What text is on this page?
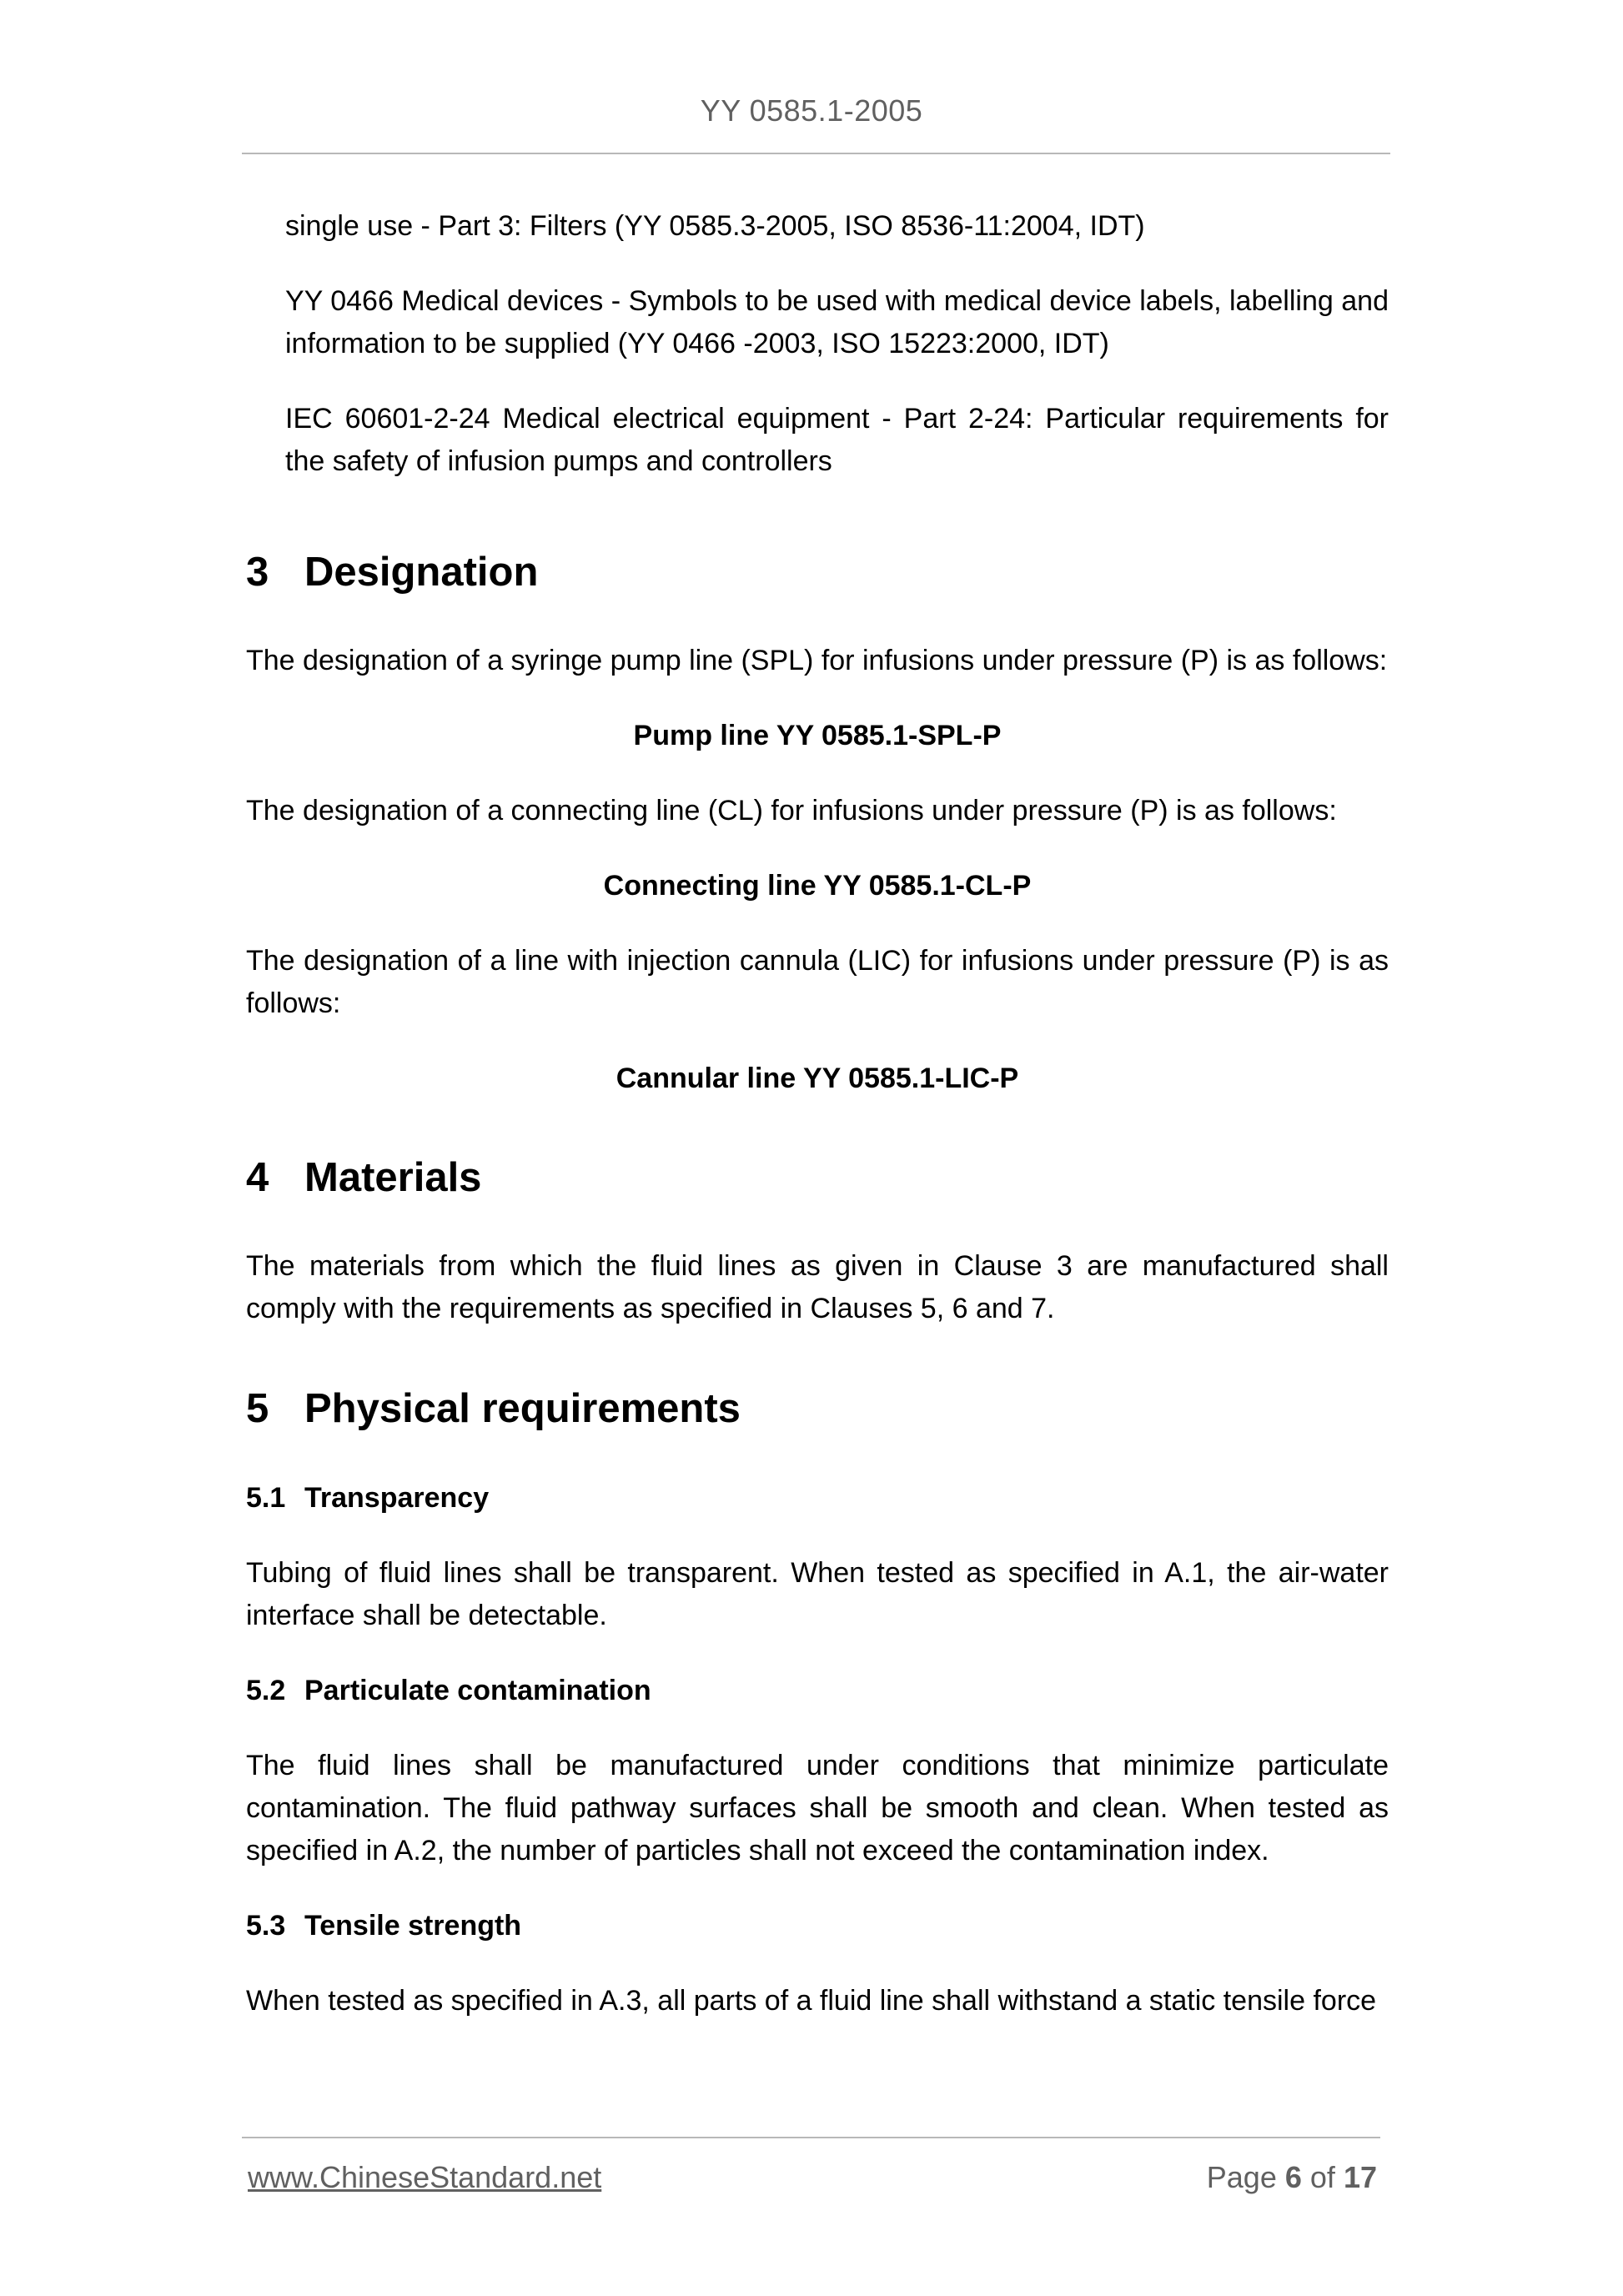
YY 0585.1-2005
single use - Part 3: Filters (YY 0585.3-2005, ISO 8536-11:2004, IDT)
YY 0466 Medical devices - Symbols to be used with medical device labels, labelling and information to be supplied (YY 0466 -2003, ISO 15223:2000, IDT)
IEC 60601-2-24 Medical electrical equipment - Part 2-24: Particular requirements for the safety of infusion pumps and controllers
3 Designation

The designation of a syringe pump line (SPL) for infusions under pressure (P) is as follows:

Pump line YY 0585.1-SPL-P

The designation of a connecting line (CL) for infusions under pressure (P) is as follows:

Connecting line YY 0585.1-CL-P

The designation of a line with injection cannula (LIC) for infusions under pressure (P) is as follows:

Cannular line YY 0585.1-LIC-P
4 Materials

The materials from which the fluid lines as given in Clause 3 are manufactured shall comply with the requirements as specified in Clauses 5, 6 and 7.

5 Physical requirements
5.1 Transparency

Tubing of fluid lines shall be transparent. When tested as specified in A.1, the air-water interface shall be detectable.

5.2 Particulate contamination

The fluid lines shall be manufactured under conditions that minimize particulate contamination. The fluid pathway surfaces shall be smooth and clean. When tested as specified in A.2, the number of particles shall not exceed the contamination index.

5.3 Tensile strength

When tested as specified in A.3, all parts of a fluid line shall withstand a static tensile force

www.ChineseStandard.net	Page 6 of 17
